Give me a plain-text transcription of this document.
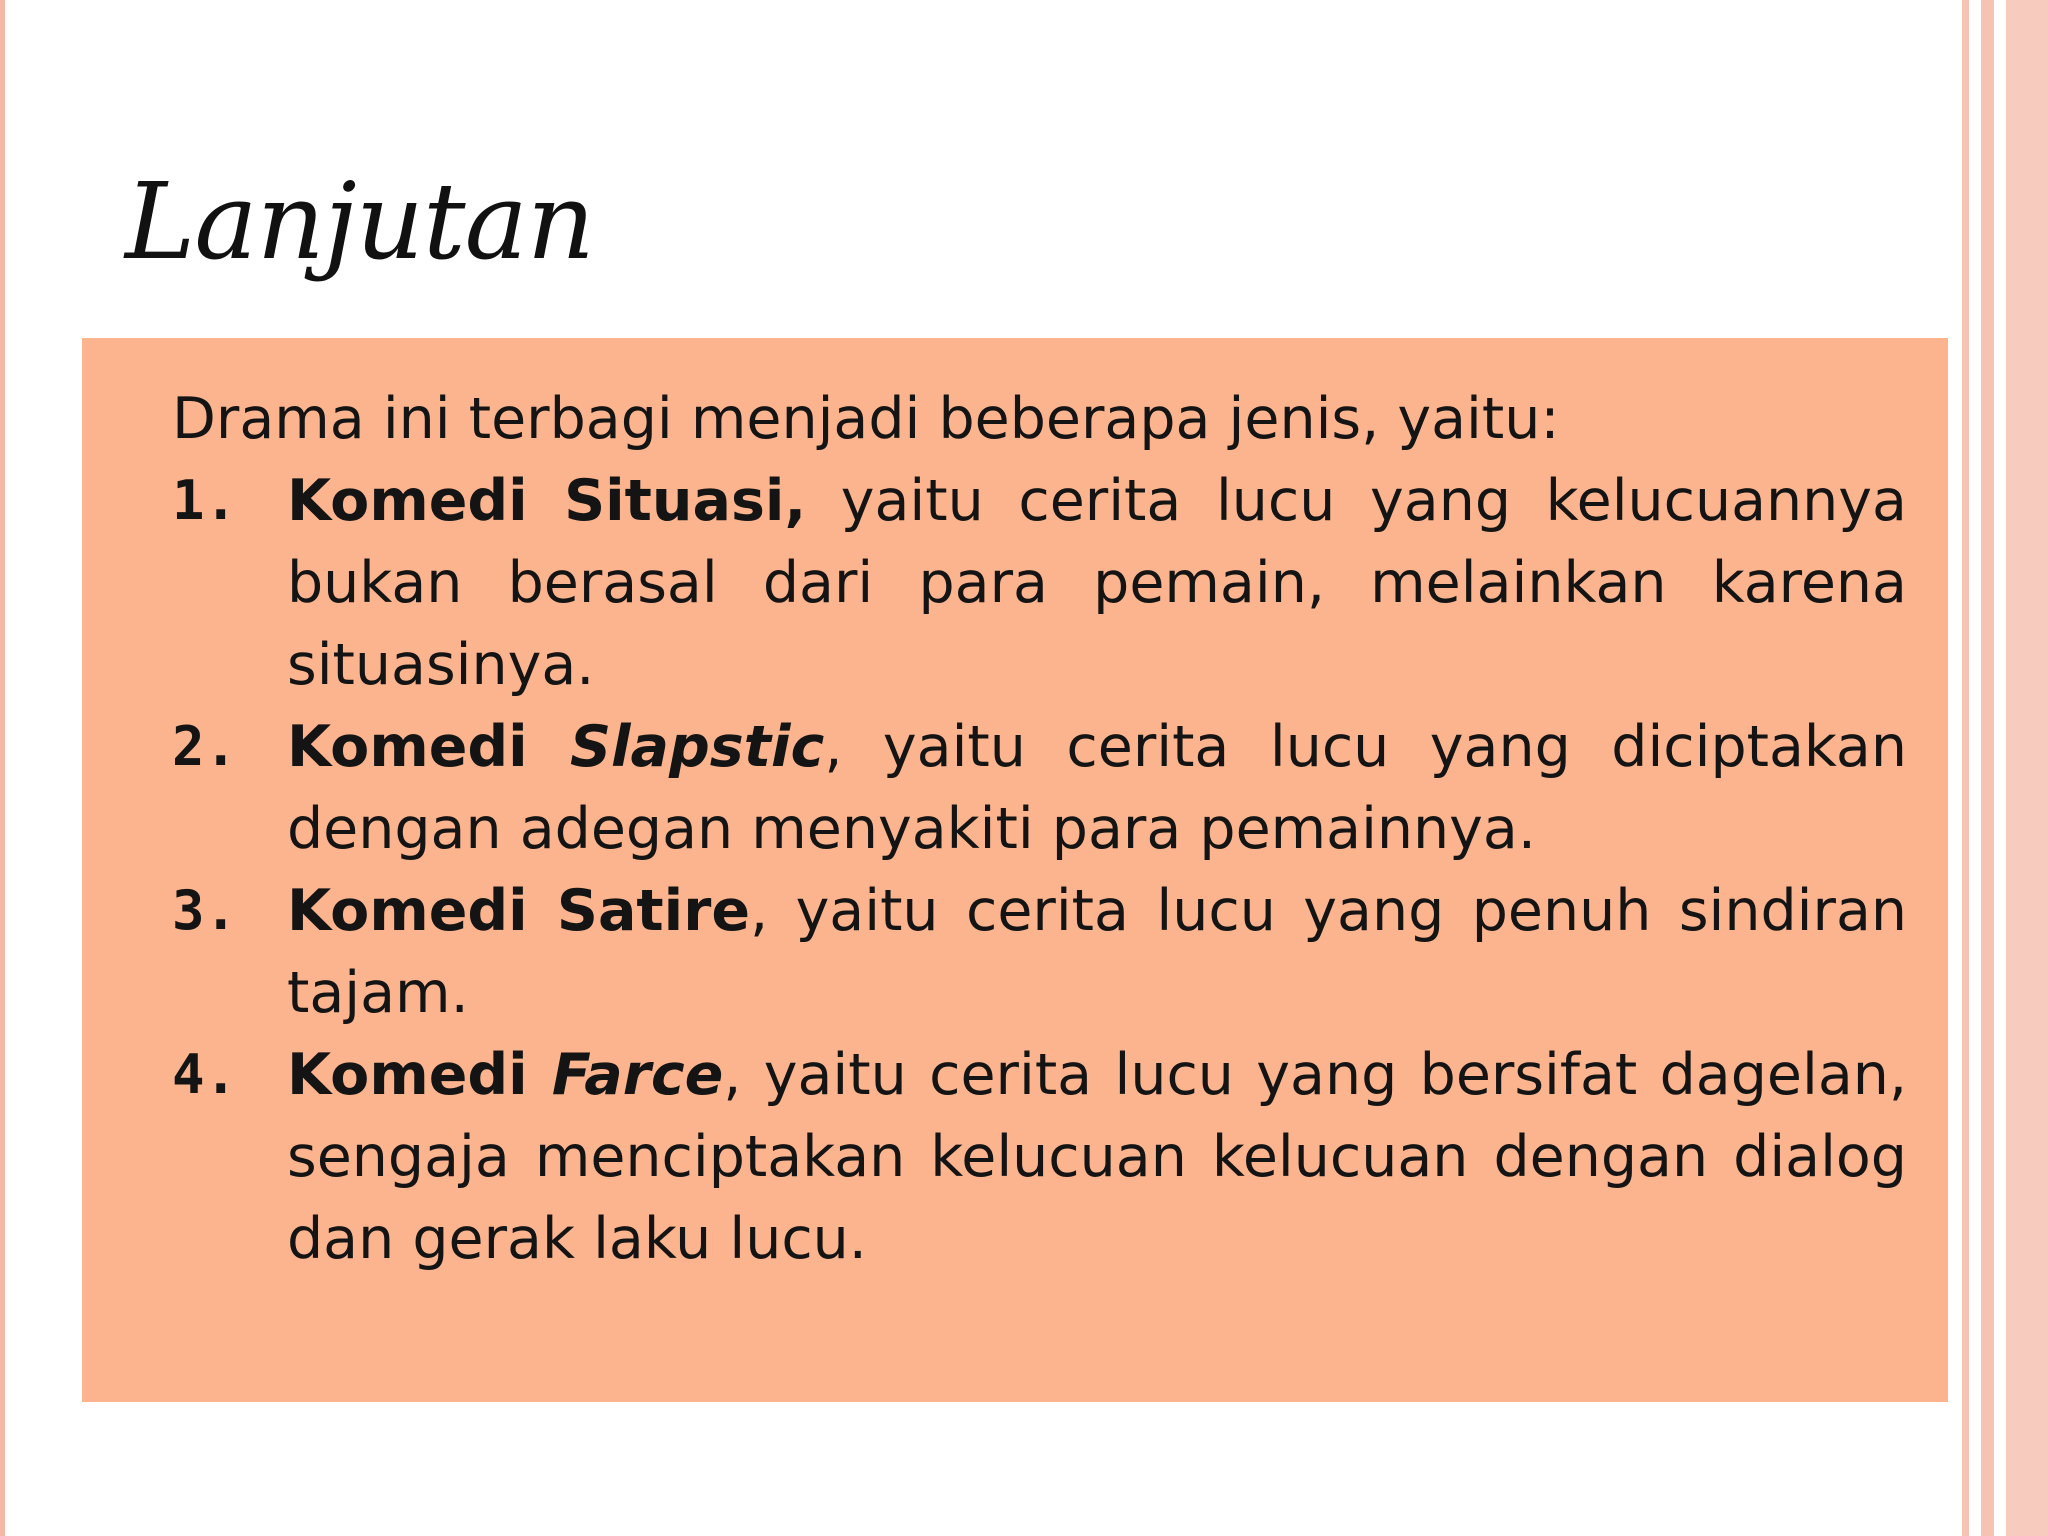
Lanjutan

Drama ini terbagi menjadi beberapa jenis, yaitu:

1. Komedi Situasi, yaitu cerita lucu yang kelucuannya bukan berasal dari para pemain, melainkan karena situasinya.
2. Komedi Slapstic, yaitu cerita lucu yang diciptakan dengan adegan menyakiti para pemainnya.
3. Komedi Satire, yaitu cerita lucu yang penuh sindiran tajam.
4. Komedi Farce, yaitu cerita lucu yang bersifat dagelan, sengaja menciptakan kelucuan kelucuan dengan dialog dan gerak laku lucu.
